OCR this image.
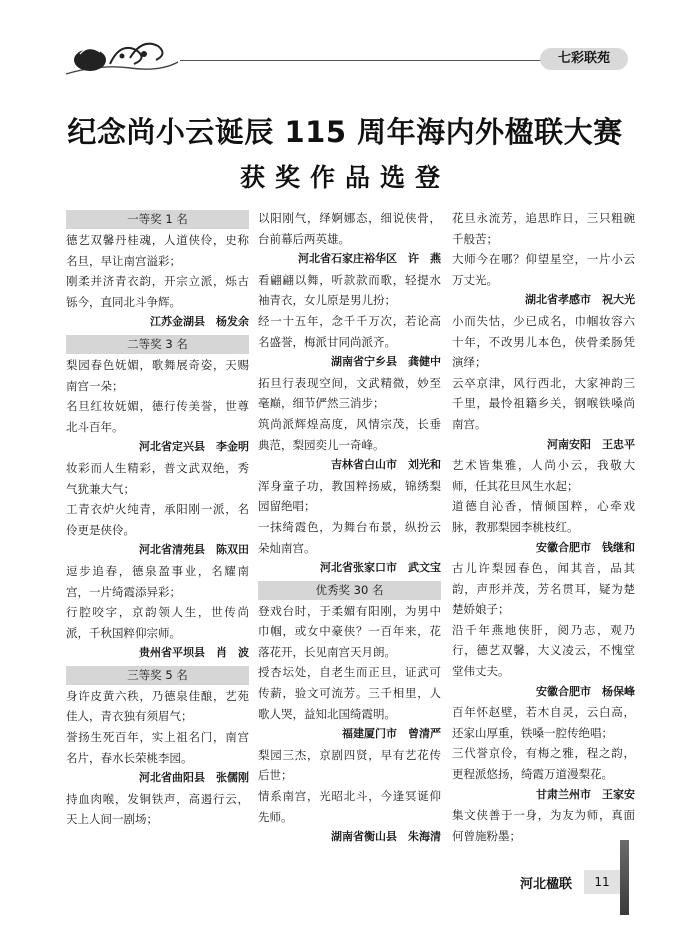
七彩联苑
纪念尚小云诞辰 115 周年海内外楹联大赛
获奖作品选登
一等奖 1 名

德艺双馨丹桂魂，人道侠伶，史称名旦，早让南宫溢彩；

刚柔并济青衣韵，开宗立派，烁古铄今，直同北斗争辉。

江苏金湖县　杨发余

二等奖 3 名

梨园春色妩媚，歌舞展奇姿，天赐南宫一朵；

名旦红妆妩媚，德行传美誉，世尊北斗百年。

河北省定兴县　李金明

妆彩而人生精彩，普文武双绝，秀气犹兼大气；

工青衣炉火纯青，承阳刚一派，名伶更是侠伶。

河北省清苑县　陈双田

逗步追春，德泉盈事业，名耀南宫，一片绮霞添异彩；

行腔咬字，京韵领人生，世传尚派，千秋国粹仰宗师。

贵州省平坝县　肖　波

三等奖 5 名

身许皮黄六秩，乃德泉佳酿，艺苑佳人，青衣独有须眉气；

誉扬生死百年，实上祖名门，南宫名片，春水长荣桃李园。

河北省曲阳县　张儒刚

持血肉喉，发铜铁声，高遏行云，天上人间一剧场；

以阳刚气，绎婀娜态，细说侠骨，台前幕后两英雄。

河北省石家庄裕华区　许　燕

看翩翩以舞，听款款而歌，轻提水袖青衣，女儿原是男儿扮；

经一十五年，念千千万次，若论高名盛誉，梅派甘同尚派齐。

湖南省宁乡县　龚健中

拓旦行表现空间，文武精微，妙至毫巅，细节俨然三消步；

筑尚派辉煌高度，风情宗茂，长垂典范，梨园奕儿一奇峰。

吉林省白山市　刘光和

浑身童子功，教国粹扬威，锦绣梨园留绝唱；

一抹绮霞色，为舞台布景，纵扮云朵灿南宫。

河北省张家口市　武文宝

优秀奖 30 名

登戏台时，于柔媚有阳刚，为男中巾帼，或女中豪侠？一百年来，花落花开，长见南宫天月朗。

授杏坛处，自老生而正旦，证武可传薪，验文可流芳。三千相里，人歌人哭，益知北国绮霞明。

福建厦门市　曾清严

梨园三杰，京剧四贤，早有艺花传后世；

情系南宫，光昭北斗，今逢冥诞仰先师。

湖南省衡山县　朱海清

花旦永流芳，追思昨日，三只粗碗千般苦；

大师今在哪？仰望星空，一片小云万丈光。

湖北省孝感市　祝大光

小而失怙，少已成名，巾帼妆容六十年，不改男儿本色，侠骨柔肠凭演绎；

云卒京津，风行西北，大家神韵三千里，最怜祖籍乡关，钢喉铁嗓尚南宫。

河南安阳　王忠平

艺术皆集雅，人尚小云，我敬大师，任其花旦风生水起；

道德自沁香，情倾国粹，心牵戏脉，教那梨园李桃枝红。

安徽合肥市　钱继和

古儿许梨园春色，闻其音，品其韵，声形并茂，芳名贯耳，疑为楚楚娇娘子；

沿千年燕地侠肝，阅乃志，观乃行，德艺双馨，大义凌云，不愧堂堂伟丈夫。

安徽合肥市　杨保峰

百年怀赵壁，若木自灵，云白高，还家山厚重，铁嗓一腔传绝唱；

三代誉京伶，有梅之雅，程之韵，更程派悠扬，绮霞万道漫梨花。

甘肃兰州市　王家安

集文侠善于一身，为友为师，真面何曾施粉墨；

河北楹联	11
